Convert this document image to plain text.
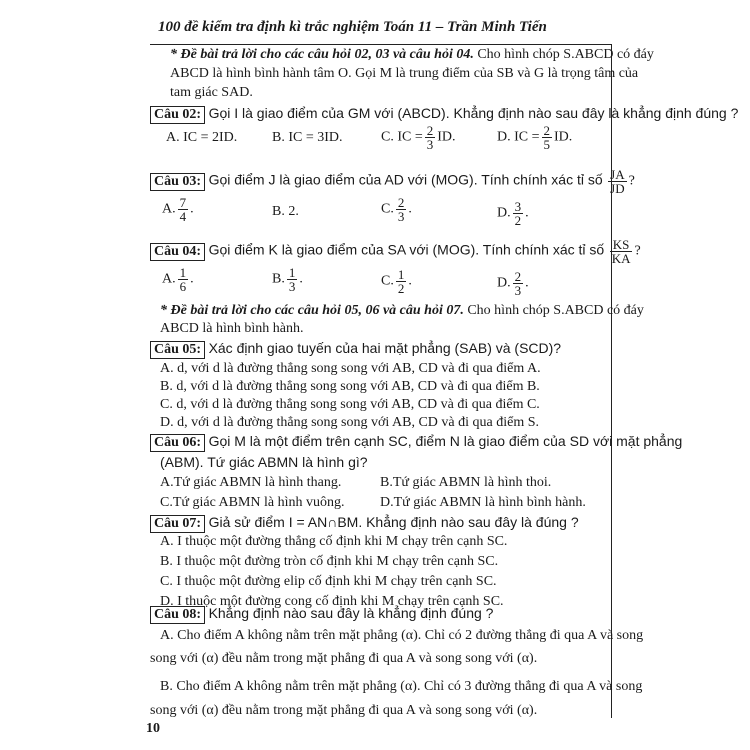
100 đề kiểm tra định kì trắc nghiệm Toán 11 – Trần Minh Tiến
* Đề bài trả lời cho các câu hỏi 02, 03 và câu hỏi 04. Cho hình chóp S.ABCD có đáy
ABCD là hình bình hành tâm O. Gọi M là trung điểm của SB và G là trọng tâm của
tam giác SAD.
Câu 02: Gọi I là giao điểm của GM với (ABCD). Khẳng định nào sau đây là khẳng định đúng ?
A. IC = 2ID. B. IC = 3ID.	C. IC = $\frac{2}{3}$ ID.	D. IC = $\frac{2}{5}$ ID.
Câu 03: Gọi điểm J là giao điểm của AD với (MOG). Tính chính xác tỉ số $\frac{JA}{JD}$ ?
A. $\frac{7}{4}$ .	B. 2.	C. $\frac{2}{3}$ .	D. $\frac{3}{2}$ .
Câu 04: Gọi điểm K là giao điểm của SA với (MOG). Tính chính xác tỉ số $\frac{KS}{KA}$ ?
A. $\frac{1}{6}$ .	B. $\frac{1}{3}$ .	C. $\frac{1}{2}$ .	D. $\frac{2}{3}$ .
* Đề bài trả lời cho các câu hỏi 05, 06 và câu hỏi 07. Cho hình chóp S.ABCD có đáy
ABCD là hình bình hành.
Câu 05: Xác định giao tuyến của hai mặt phẳng (SAB) và (SCD)?
A. d, với d là đường thẳng song song với AB, CD và đi qua điểm A.
B. d, với d là đường thẳng song song với AB, CD và đi qua điểm B.
C. d, với d là đường thẳng song song với AB, CD và đi qua điểm C.
D. d, với d là đường thẳng song song với AB, CD và đi qua điểm S.
Câu 06: Gọi M là một điểm trên cạnh SC, điểm N là giao điểm của SD với mặt phẳng
(ABM). Tứ giác ABMN là hình gì?
A.Tứ giác ABMN là hình thang.	B.Tứ giác ABMN là hình thoi.
C.Tứ giác ABMN là hình vuông.	D.Tứ giác ABMN là hình bình hành.
Câu 07: Giả sử điểm I = AN∩BM. Khẳng định nào sau đây là đúng ?
A. I thuộc một đường thẳng cố định khi M chạy trên cạnh SC.
B. I thuộc một đường tròn cố định khi M chạy trên cạnh SC.
C. I thuộc một đường elip cố định khi M chạy trên cạnh SC.
D. I thuộc một đường cong cố định khi M chạy trên cạnh SC.
Câu 08: Khẳng định nào sau đây là khẳng định đúng ?
A. Cho điểm A không nằm trên mặt phẳng (α). Chỉ có 2 đường thẳng đi qua A và song
song với (α) đều nằm trong mặt phẳng đi qua A và song song với (α).
B. Cho điểm A không nằm trên mặt phẳng (α). Chỉ có 3 đường thẳng đi qua A và song
song với (α) đều nằm trong mặt phẳng đi qua A và song song với (α).
10
